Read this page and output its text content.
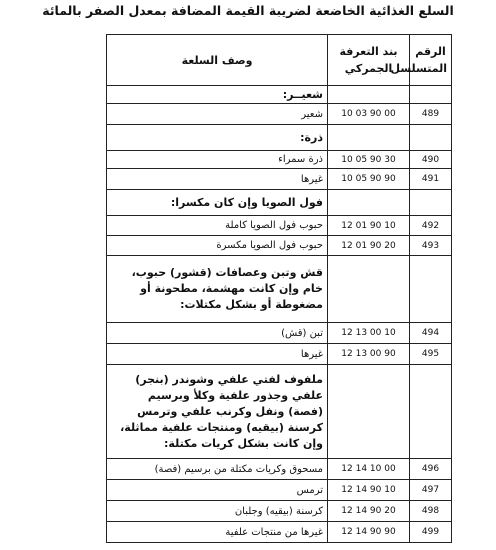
السلع الغذائية الخاضعة لضريبة القيمة المضافة بمعدل الصفر بالمائة
الرقم المتسلسل	بند التعرفة الجمركي	وصف السلعة
		شعيــر:
489	10 03 90 00	شعير
		ذرة:
490	10 05 90 30	ذرة سمراء
491	10 05 90 90	غيرها
		فول الصويا وإن كان مكسرا:
492	12 01 90 10	حبوب فول الصويا كاملة
493	12 01 90 20	حبوب فول الصويا مكسرة
		قش وتبن وعصافات (قشور) حبوب، خام وإن كانت مهشمة، مطحونة أو مضغوطة أو بشكل مكتلات:
494	12 13 00 10	تبن (قش)
495	12 13 00 90	غيرها
		ملفوف لفتي علفي وشوندر (بنجر) علفي وجذور علفية وكلأ وبرسيم (فصة) ونفل وكرنب علفي وترمس كرسنة (بيقيه) ومنتجات علفية مماثلة، وإن كانت بشكل كريات مكتلة:
496	12 14 10 00	مسحوق وكريات مكتلة من برسيم (فصة)
497	12 14 90 10	ترمس
498	12 14 90 20	كرسنة (بيقيه) وجلبان
499	12 14 90 90	غيرها من منتجات علفية
